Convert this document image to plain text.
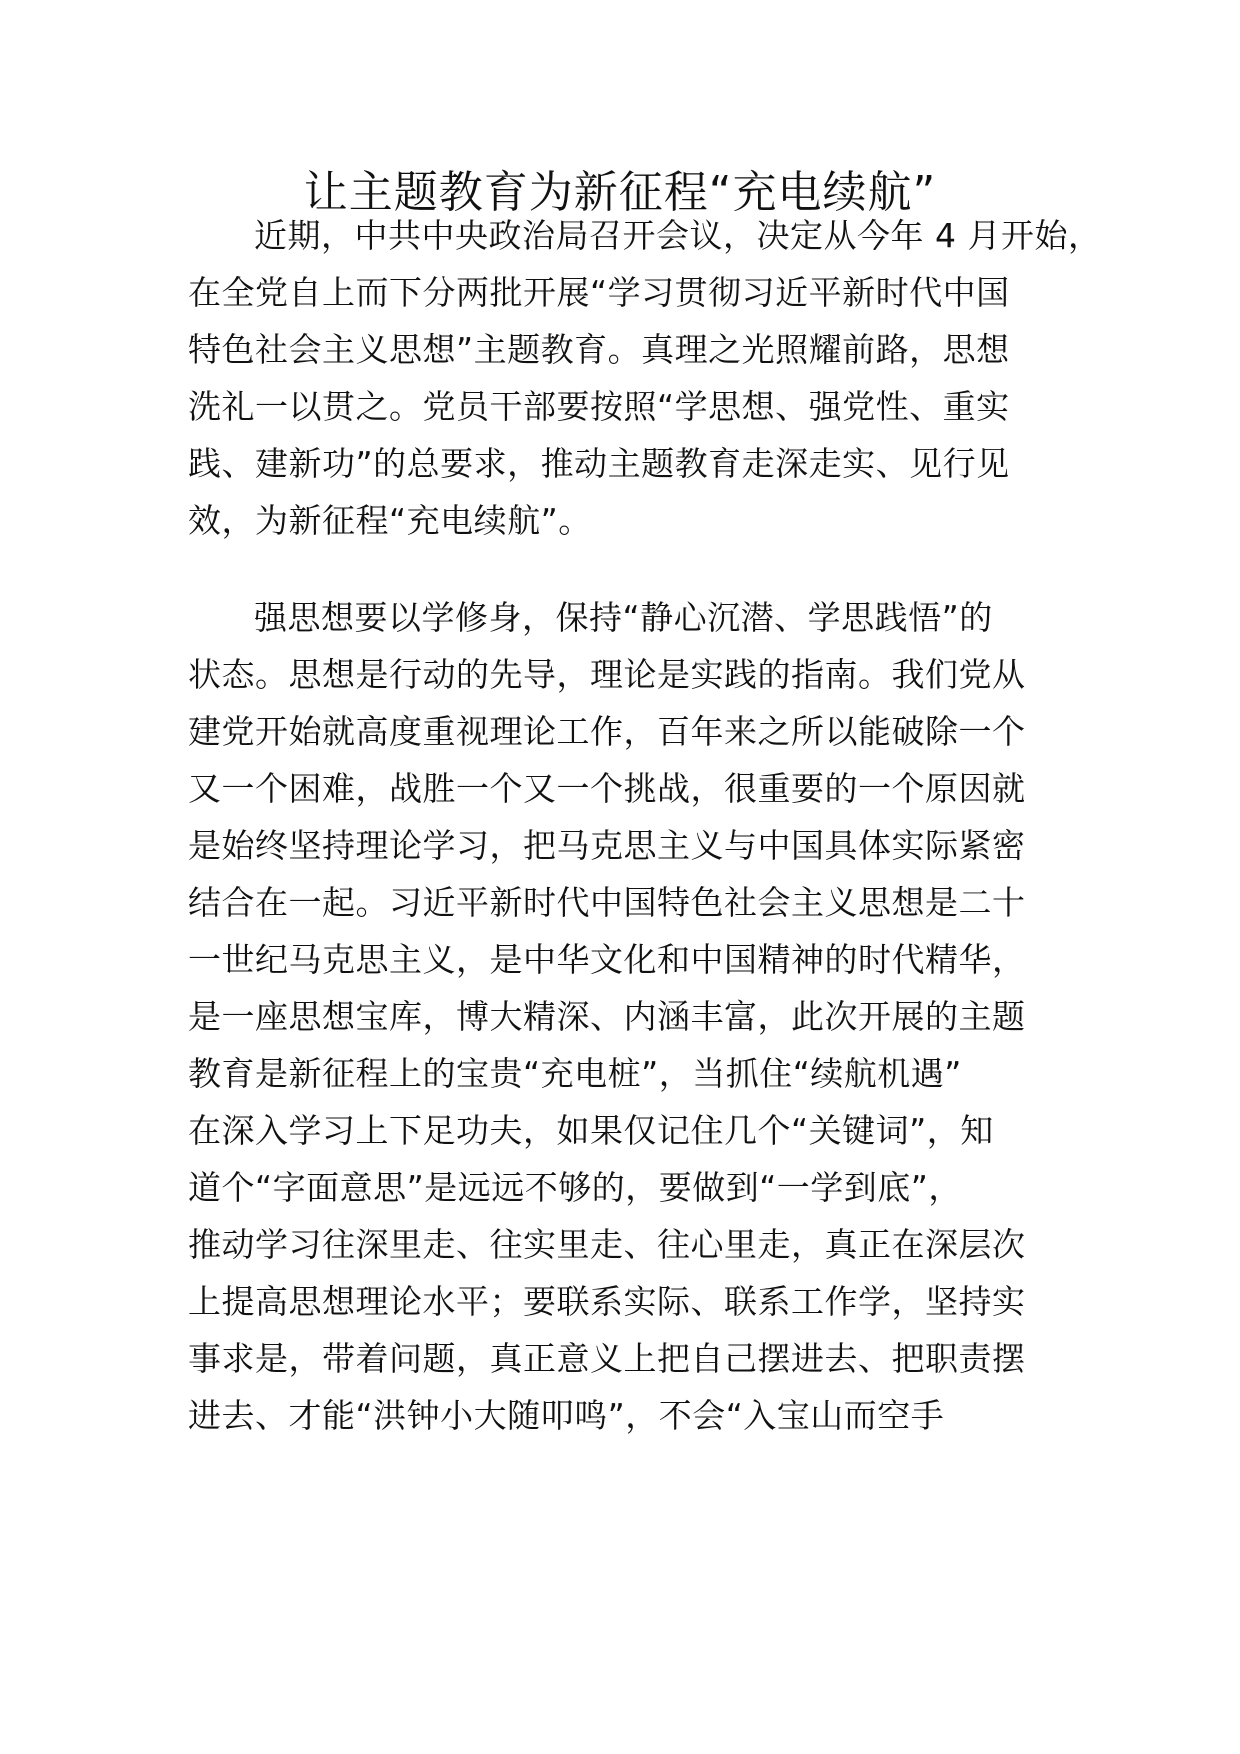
让主题教育为新征程“充电续航”
近期，中共中央政治局召开会议，决定从今年 4 月开始，
在全党自上而下分两批开展“学习贯彻习近平新时代中国
特色社会主义思想”主题教育。真理之光照耀前路，思想
洗礼一以贯之。党员干部要按照“学思想、强党性、重实
践、建新功”的总要求，推动主题教育走深走实、见行见
效，为新征程“充电续航”。
强思想要以学修身，保持“静心沉潜、学思践悟”的
状态。思想是行动的先导，理论是实践的指南。我们党从
建党开始就高度重视理论工作，百年来之所以能破除一个
又一个困难，战胜一个又一个挑战，很重要的一个原因就
是始终坚持理论学习，把马克思主义与中国具体实际紧密
结合在一起。习近平新时代中国特色社会主义思想是二十
一世纪马克思主义，是中华文化和中国精神的时代精华，
是一座思想宝库，博大精深、内涵丰富，此次开展的主题
教育是新征程上的宝贵“充电桩”，当抓住“续航机遇”
在深入学习上下足功夫，如果仅记住几个“关键词”，知
道个“字面意思”是远远不够的，要做到“一学到底”，
推动学习往深里走、往实里走、往心里走，真正在深层次
上提高思想理论水平；要联系实际、联系工作学，坚持实
事求是，带着问题，真正意义上把自己摆进去、把职责摆
进去、才能“洪钟小大随叩鸣”，不会“入宝山而空手
